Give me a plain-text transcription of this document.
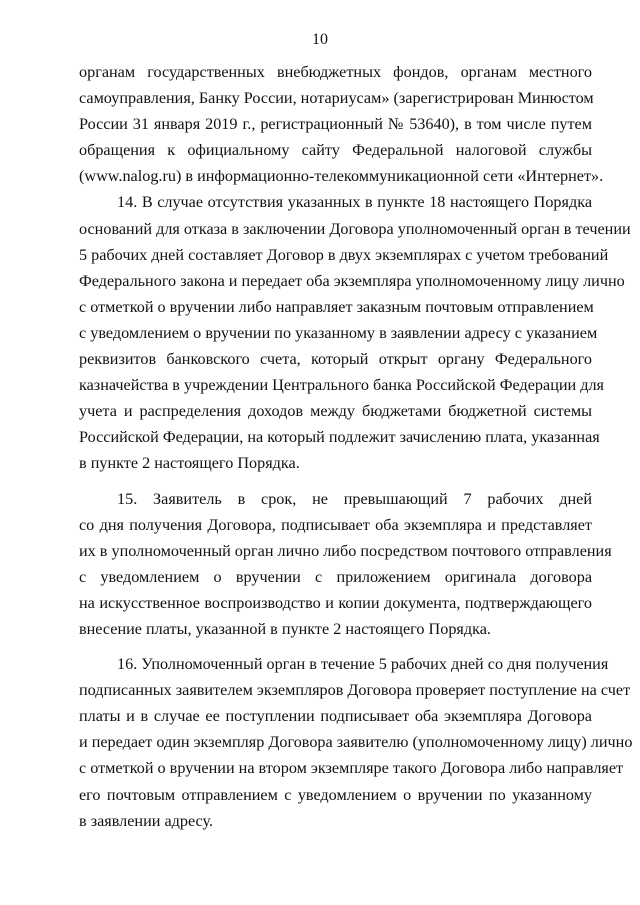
10

органам государственных внебюджетных фондов, органам местного
самоуправления, Банку России, нотариусам» (зарегистрирован Минюстом
России 31 января 2019 г., регистрационный № 53640), в том числе путем
обращения к официальному сайту Федеральной налоговой службы
(www.nalog.ru) в информационно-телекоммуникационной сети «Интернет».

14. В случае отсутствия указанных в пункте 18 настоящего Порядка
оснований для отказа в заключении Договора уполномоченный орган в течении
5 рабочих дней составляет Договор в двух экземплярах с учетом требований
Федерального закона и передает оба экземпляра уполномоченному лицу лично
с отметкой о вручении либо направляет заказным почтовым отправлением
с уведомлением о вручении по указанному в заявлении адресу с указанием
реквизитов банковского счета, который открыт органу Федерального
казначейства в учреждении Центрального банка Российской Федерации для
учета и распределения доходов между бюджетами бюджетной системы
Российской Федерации, на который подлежит зачислению плата, указанная
в пункте 2 настоящего Порядка.

15. Заявитель в срок, не превышающий 7 рабочих дней
со дня получения Договора, подписывает оба экземпляра и представляет
их в уполномоченный орган лично либо посредством почтового отправления
с уведомлением о вручении с приложением оригинала договора
на искусственное воспроизводство и копии документа, подтверждающего
внесение платы, указанной в пункте 2 настоящего Порядка.

16. Уполномоченный орган в течение 5 рабочих дней со дня получения
подписанных заявителем экземпляров Договора проверяет поступление на счет
платы и в случае ее поступлении подписывает оба экземпляра Договора
и передает один экземпляр Договора заявителю (уполномоченному лицу) лично
с отметкой о вручении на втором экземпляре такого Договора либо направляет
его почтовым отправлением с уведомлением о вручении по указанному
в заявлении адресу.
